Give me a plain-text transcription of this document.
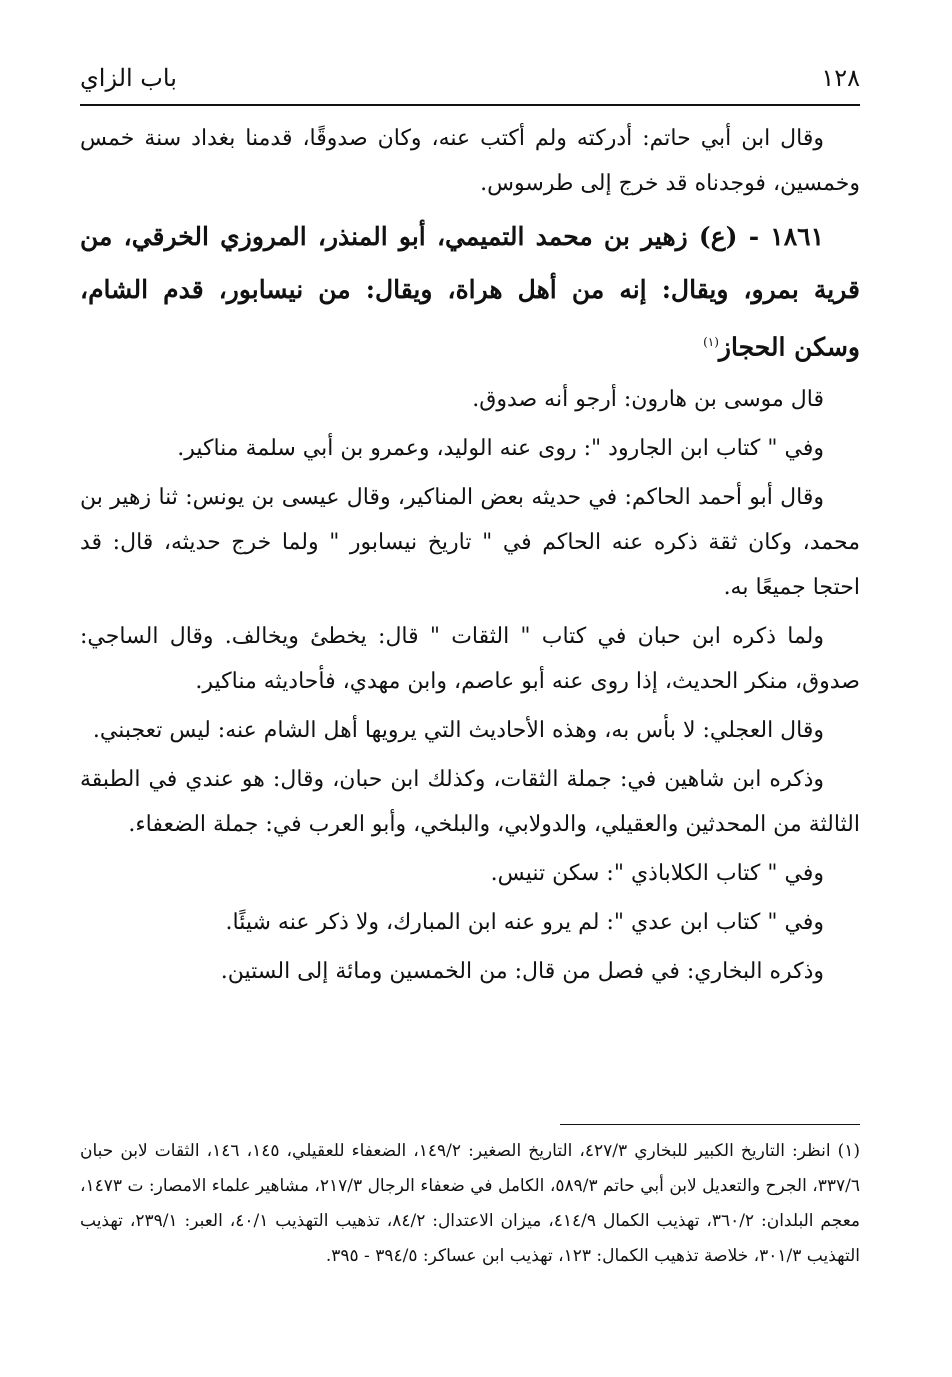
١٢٨
باب الزاي

وقال ابن أبي حاتم: أدركته ولم أكتب عنه، وكان صدوقًا، قدمنا بغداد سنة خمس وخمسين، فوجدناه قد خرج إلى طرسوس.

١٨٦١ - (ع) زهير بن محمد التميمي، أبو المنذر، المروزي الخرقي، من قرية بمرو، ويقال: إنه من أهل هراة، ويقال: من نيسابور، قدم الشام، وسكن الحجاز$^{(١)}$

قال موسى بن هارون: أرجو أنه صدوق.

وفي " كتاب ابن الجارود ": روى عنه الوليد، وعمرو بن أبي سلمة مناكير.

وقال أبو أحمد الحاكم: في حديثه بعض المناكير، وقال عيسى بن يونس: ثنا زهير بن محمد، وكان ثقة ذكره عنه الحاكم في " تاريخ نيسابور " ولما خرج حديثه، قال: قد احتجا جميعًا به.

ولما ذكره ابن حبان في كتاب " الثقات " قال: يخطئ ويخالف. وقال الساجي: صدوق، منكر الحديث، إذا روى عنه أبو عاصم، وابن مهدي، فأحاديثه مناكير.

وقال العجلي: لا بأس به، وهذه الأحاديث التي يرويها أهل الشام عنه: ليس تعجبني.

وذكره ابن شاهين في: جملة الثقات، وكذلك ابن حبان، وقال: هو عندي في الطبقة الثالثة من المحدثين والعقيلي، والدولابي، والبلخي، وأبو العرب في: جملة الضعفاء.

وفي " كتاب الكلاباذي ": سكن تنيس.

وفي " كتاب ابن عدي ": لم يرو عنه ابن المبارك، ولا ذكر عنه شيئًا.

وذكره البخاري: في فصل من قال: من الخمسين ومائة إلى الستين.

(١) انظر: التاريخ الكبير للبخاري ٤٢٧/٣، التاريخ الصغير: ١٤٩/٢، الضعفاء للعقيلي، ١٤٥، ١٤٦، الثقات لابن حبان ٣٣٧/٦، الجرح والتعديل لابن أبي حاتم ٥٨٩/٣، الكامل في ضعفاء الرجال ٢١٧/٣، مشاهير علماء الامصار: ت ١٤٧٣، معجم البلدان: ٣٦٠/٢، تهذيب الكمال ٤١٤/٩، ميزان الاعتدال: ٨٤/٢، تذهيب التهذيب ٤٠/١، العبر: ٢٣٩/١، تهذيب التهذيب ٣٠١/٣، خلاصة تذهيب الكمال: ١٢٣، تهذيب ابن عساكر: ٣٩٤/٥ - ٣٩٥.
